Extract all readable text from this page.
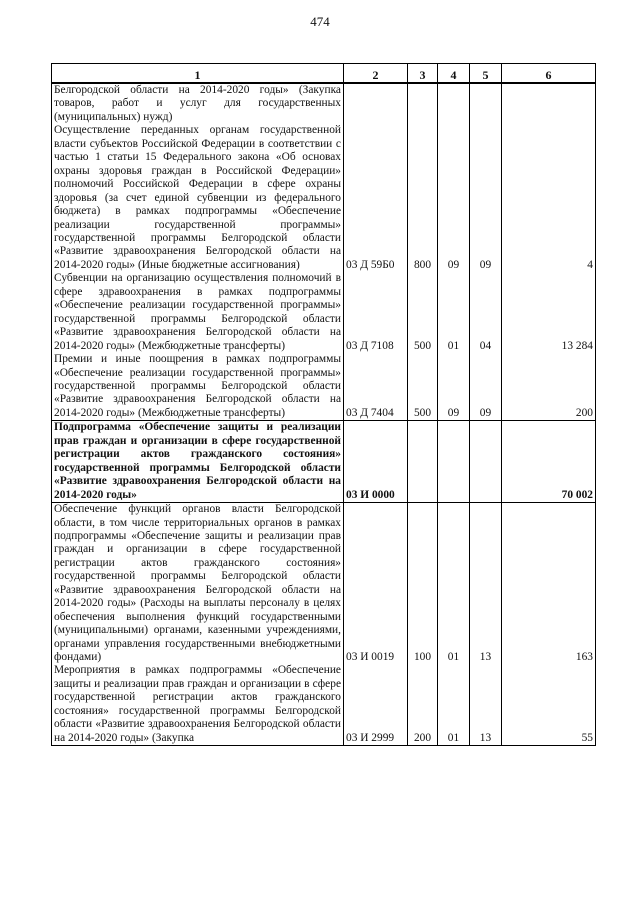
474
1	2	3	4	5	6
Белгородской области на 2014-2020 годы» (Закупка товаров, работ и услуг для государственных (муниципальных) нужд)					
Осуществление переданных органам государственной власти субъектов Российской Федерации в соответствии с частью 1 статьи 15 Федерального закона «Об основах охраны здоровья граждан в Российской Федерации» полномочий Российской Федерации в сфере охраны здоровья (за счет единой субвенции из федерального бюджета) в рамках подпрограммы «Обеспечение реализации государственной программы» государственной программы Белгородской области «Развитие здравоохранения Белгородской области на 2014-2020 годы» (Иные бюджетные ассигнования)	03 Д 59Б0	800	09	09	4
Субвенции на организацию осуществления полномочий в сфере здравоохранения в рамках подпрограммы «Обеспечение реализации государственной программы» государственной программы Белгородской области «Развитие здравоохранения Белгородской области на 2014-2020 годы» (Межбюджетные трансферты)	03 Д 7108	500	01	04	13 284
Премии и иные поощрения в рамках подпрограммы «Обеспечение реализации государственной программы» государственной программы Белгородской области «Развитие здравоохранения Белгородской области на 2014-2020 годы» (Межбюджетные трансферты)	03 Д 7404	500	09	09	200
Подпрограмма «Обеспечение защиты и реализации прав граждан и организации в сфере государственной регистрации актов гражданского состояния» государственной программы Белгородской области «Развитие здравоохранения Белгородской области на 2014-2020 годы»	03 И 0000				70 002
Обеспечение функций органов власти Белгородской области, в том числе территориальных органов в рамках подпрограммы «Обеспечение защиты и реализации прав граждан и организации в сфере государственной регистрации актов гражданского состояния» государственной программы Белгородской области «Развитие здравоохранения Белгородской области на 2014-2020 годы» (Расходы на выплаты персоналу в целях обеспечения выполнения функций государственными (муниципальными) органами, казенными учреждениями, органами управления государственными внебюджетными фондами)	03 И 0019	100	01	13	163
Мероприятия в рамках подпрограммы «Обеспечение защиты и реализации прав граждан и организации в сфере государственной регистрации актов гражданского состояния» государственной программы Белгородской области «Развитие здравоохранения Белгородской области на 2014-2020 годы» (Закупка	03 И 2999	200	01	13	55
